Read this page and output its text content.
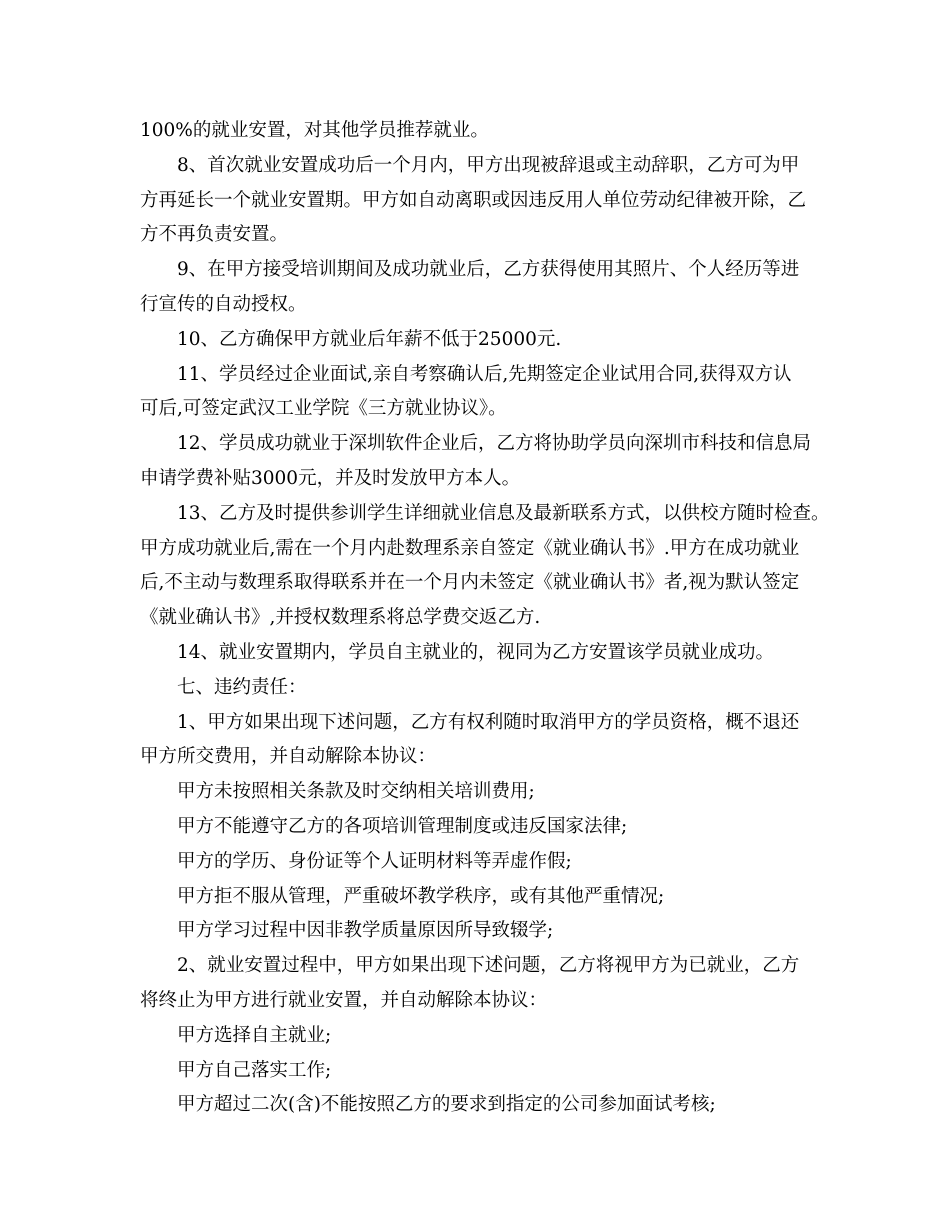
100%的就业安置，对其他学员推荐就业。

8、首次就业安置成功后一个月内，甲方出现被辞退或主动辞职，乙方可为甲

方再延长一个就业安置期。甲方如自动离职或因违反用人单位劳动纪律被开除，乙

方不再负责安置。

9、在甲方接受培训期间及成功就业后，乙方获得使用其照片、个人经历等进

行宣传的自动授权。

10、乙方确保甲方就业后年薪不低于25000元.

11、学员经过企业面试,亲自考察确认后,先期签定企业试用合同,获得双方认

可后,可签定武汉工业学院《三方就业协议》。

12、学员成功就业于深圳软件企业后，乙方将协助学员向深圳市科技和信息局

申请学费补贴3000元，并及时发放甲方本人。

13、乙方及时提供参训学生详细就业信息及最新联系方式，以供校方随时检查。

甲方成功就业后,需在一个月内赴数理系亲自签定《就业确认书》.甲方在成功就业

后,不主动与数理系取得联系并在一个月内未签定《就业确认书》者,视为默认签定

《就业确认书》,并授权数理系将总学费交返乙方.

14、就业安置期内，学员自主就业的，视同为乙方安置该学员就业成功。

七、违约责任：

1、甲方如果出现下述问题，乙方有权利随时取消甲方的学员资格，概不退还

甲方所交费用，并自动解除本协议：

甲方未按照相关条款及时交纳相关培训费用;

甲方不能遵守乙方的各项培训管理制度或违反国家法律;

甲方的学历、身份证等个人证明材料等弄虚作假;

甲方拒不服从管理，严重破坏教学秩序，或有其他严重情况;

甲方学习过程中因非教学质量原因所导致辍学;

2、就业安置过程中，甲方如果出现下述问题，乙方将视甲方为已就业，乙方

将终止为甲方进行就业安置，并自动解除本协议：

甲方选择自主就业;

甲方自己落实工作;

甲方超过二次(含)不能按照乙方的要求到指定的公司参加面试考核;
